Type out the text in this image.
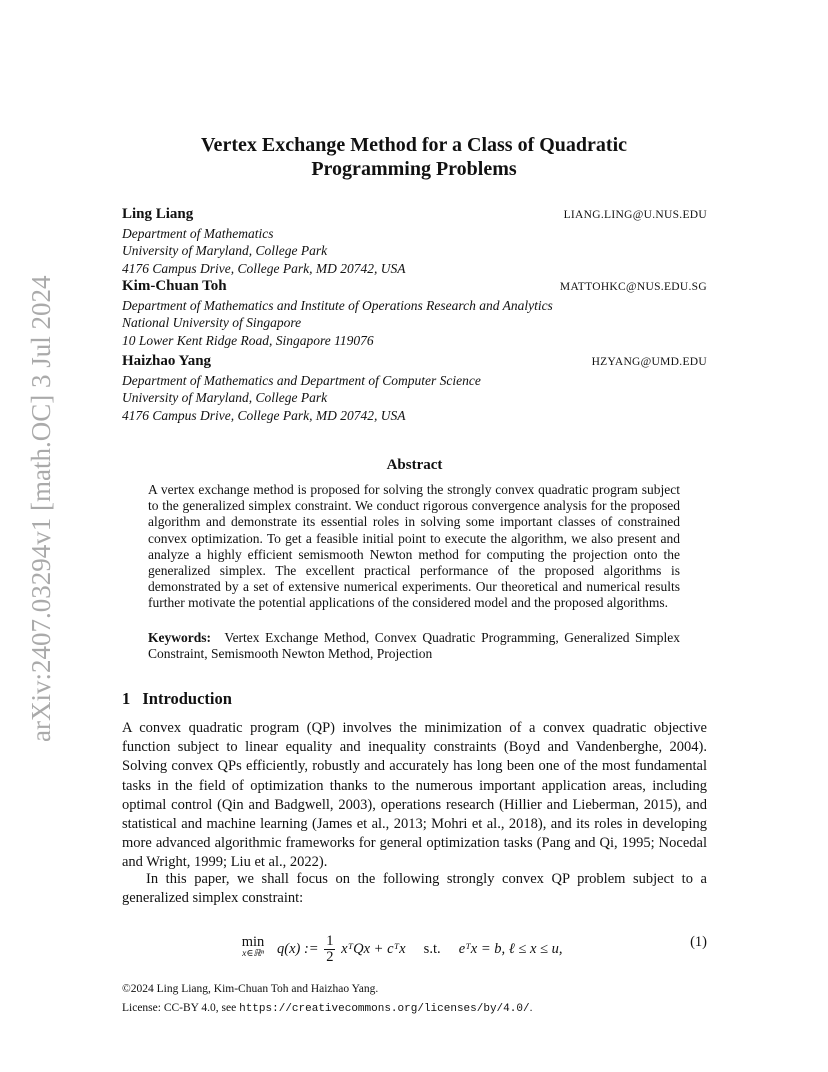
arXiv:2407.03294v1 [math.OC] 3 Jul 2024
Vertex Exchange Method for a Class of Quadratic
Programming Problems
Ling Liang	LIANG.LING@U.NUS.EDU
Department of Mathematics
University of Maryland, College Park
4176 Campus Drive, College Park, MD 20742, USA
Kim-Chuan Toh	MATTOHKC@NUS.EDU.SG
Department of Mathematics and Institute of Operations Research and Analytics
National University of Singapore
10 Lower Kent Ridge Road, Singapore 119076
Haizhao Yang	HZYANG@UMD.EDU
Department of Mathematics and Department of Computer Science
University of Maryland, College Park
4176 Campus Drive, College Park, MD 20742, USA
Abstract
A vertex exchange method is proposed for solving the strongly convex quadratic program subject to the generalized simplex constraint. We conduct rigorous convergence analysis for the proposed algorithm and demonstrate its essential roles in solving some important classes of constrained convex optimization. To get a feasible initial point to execute the algorithm, we also present and analyze a highly efficient semismooth Newton method for computing the projection onto the generalized simplex. The excellent practical performance of the proposed algorithms is demonstrated by a set of extensive numerical experiments. Our theoretical and numerical results further motivate the potential applications of the considered model and the proposed algorithms.
Keywords: Vertex Exchange Method, Convex Quadratic Programming, Generalized Simplex Constraint, Semismooth Newton Method, Projection
1 Introduction
A convex quadratic program (QP) involves the minimization of a convex quadratic objective function subject to linear equality and inequality constraints (Boyd and Vandenberghe, 2004). Solving convex QPs efficiently, robustly and accurately has long been one of the most fundamental tasks in the field of optimization thanks to the numerous important application areas, including optimal control (Qin and Badgwell, 2003), operations research (Hillier and Lieberman, 2015), and statistical and machine learning (James et al., 2013; Mohri et al., 2018), and its roles in developing more advanced algorithmic frameworks for general optimization tasks (Pang and Qi, 1995; Nocedal and Wright, 1999; Liu et al., 2022).
In this paper, we shall focus on the following strongly convex QP problem subject to a generalized simplex constraint:
min
x∈ℝⁿ q(x) := $\frac{1}{2}$ xᵀQx + cᵀx s.t. eᵀx = b, ℓ ≤ x ≤ u,	(1)
©2024 Ling Liang, Kim-Chuan Toh and Haizhao Yang.
License: CC-BY 4.0, see https://creativecommons.org/licenses/by/4.0/.
